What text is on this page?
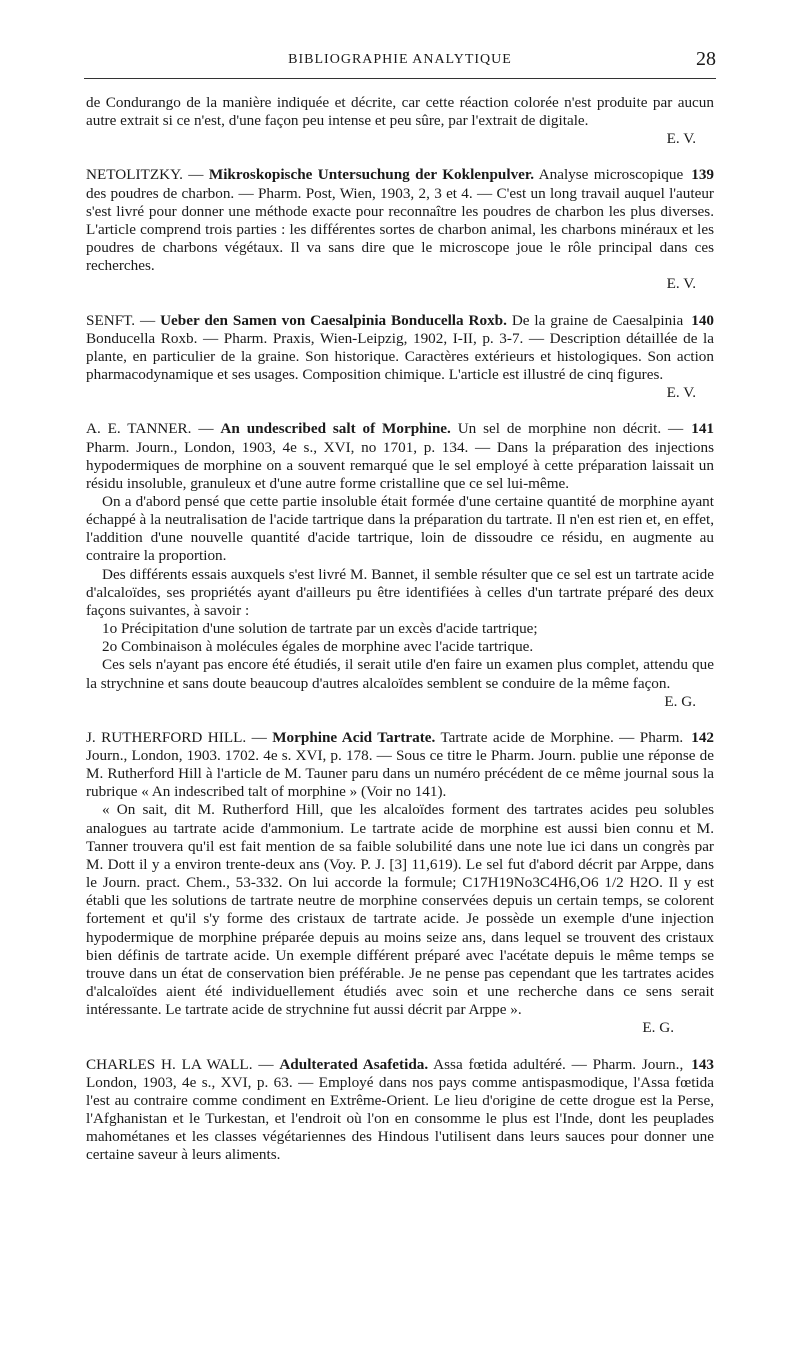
BIBLIOGRAPHIE ANALYTIQUE	28

de Condurango de la manière indiquée et décrite, car cette réaction colorée n'est produite par aucun autre extrait si ce n'est, d'une façon peu intense et peu sûre, par l'extrait de digitale.

E. V.

139
NETOLITZKY. — Mikroskopische Untersuchung der Koklenpulver. Analyse microscopique des poudres de charbon. — Pharm. Post, Wien, 1903, 2, 3 et 4. — C'est un long travail auquel l'auteur s'est livré pour donner une méthode exacte pour reconnaître les poudres de charbon les plus diverses. L'article comprend trois parties : les différentes sortes de charbon animal, les charbons minéraux et les poudres de charbons végétaux. Il va sans dire que le microscope joue le rôle principal dans ces recherches.

E. V.

140
SENFT. — Ueber den Samen von Caesalpinia Bonducella Roxb. De la graine de Caesalpinia Bonducella Roxb. — Pharm. Praxis, Wien-Leipzig, 1902, I-II, p. 3-7. — Description détaillée de la plante, en particulier de la graine. Son historique. Caractères extérieurs et histologiques. Son action pharmacodynamique et ses usages. Composition chimique. L'article est illustré de cinq figures.

E. V.

141
A. E. TANNER. — An undescribed salt of Morphine. Un sel de morphine non décrit. — Pharm. Journ., London, 1903, 4e s., XVI, no 1701, p. 134. — Dans la préparation des injections hypodermiques de morphine on a souvent remarqué que le sel employé à cette préparation laissait un résidu insoluble, granuleux et d'une autre forme cristalline que ce sel lui-même.

On a d'abord pensé que cette partie insoluble était formée d'une certaine quantité de morphine ayant échappé à la neutralisation de l'acide tartrique dans la préparation du tartrate. Il n'en est rien et, en effet, l'addition d'une nouvelle quantité d'acide tartrique, loin de dissoudre ce résidu, en augmente au contraire la proportion.

Des différents essais auxquels s'est livré M. Bannet, il semble résulter que ce sel est un tartrate acide d'alcaloïdes, ses propriétés ayant d'ailleurs pu être identifiées à celles d'un tartrate préparé des deux façons suivantes, à savoir :

1o Précipitation d'une solution de tartrate par un excès d'acide tartrique;

2o Combinaison à molécules égales de morphine avec l'acide tartrique.

Ces sels n'ayant pas encore été étudiés, il serait utile d'en faire un examen plus complet, attendu que la strychnine et sans doute beaucoup d'autres alcaloïdes semblent se conduire de la même façon.

E. G.

142
J. RUTHERFORD HILL. — Morphine Acid Tartrate. Tartrate acide de Morphine. — Pharm. Journ., London, 1903. 1702. 4e s. XVI, p. 178. — Sous ce titre le Pharm. Journ. publie une réponse de M. Rutherford Hill à l'article de M. Tauner paru dans un numéro précédent de ce même journal sous la rubrique « An indescribed talt of morphine » (Voir no 141).

« On sait, dit M. Rutherford Hill, que les alcaloïdes forment des tartrates acides peu solubles analogues au tartrate acide d'ammonium. Le tartrate acide de morphine est aussi bien connu et M. Tanner trouvera qu'il est fait mention de sa faible solubilité dans une note lue ici dans un congrès par M. Dott il y a environ trente-deux ans (Voy. P. J. [3] 11,619). Le sel fut d'abord décrit par Arppe, dans le Journ. pract. Chem., 53-332. On lui accorde la formule; C17H19No3C4H6,O6 1/2 H2O. Il y est établi que les solutions de tartrate neutre de morphine conservées depuis un certain temps, se colorent fortement et qu'il s'y forme des cristaux de tartrate acide. Je possède un exemple d'une injection hypodermique de morphine préparée depuis au moins seize ans, dans lequel se trouvent des cristaux bien définis de tartrate acide. Un exemple différent préparé avec l'acétate depuis le même temps se trouve dans un état de conservation bien préférable. Je ne pense pas cependant que les tartrates acides d'alcaloïdes aient été individuellement étudiés avec soin et une recherche dans ce sens serait intéressante. Le tartrate acide de strychnine fut aussi décrit par Arppe ».

E. G.

143
CHARLES H. LA WALL. — Adulterated Asafetida. Assa fœtida adultéré. — Pharm. Journ., London, 1903, 4e s., XVI, p. 63. — Employé dans nos pays comme antispasmodique, l'Assa fœtida l'est au contraire comme condiment en Extrême-Orient. Le lieu d'origine de cette drogue est la Perse, l'Afghanistan et le Turkestan, et l'endroit où l'on en consomme le plus est l'Inde, dont les peuplades mahométanes et les classes végétariennes des Hindous l'utilisent dans leurs sauces pour donner une certaine saveur à leurs aliments.
